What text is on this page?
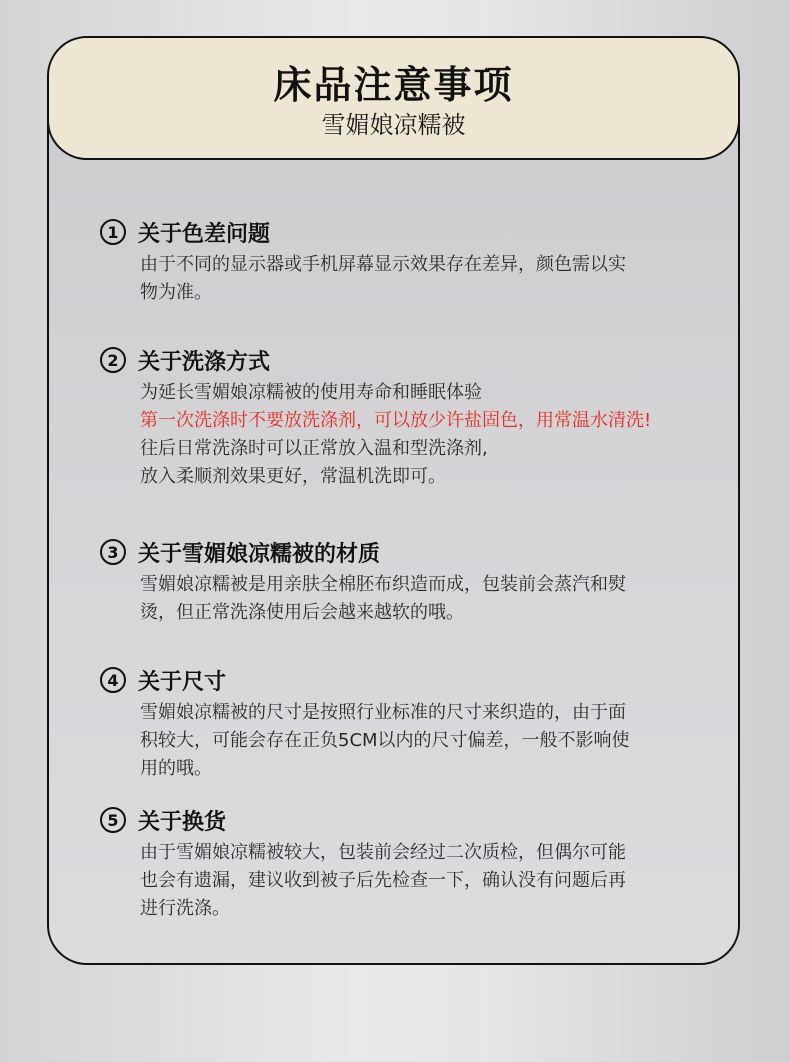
床品注意事项
雪媚娘凉糯被
1 关于色差问题
由于不同的显示器或手机屏幕显示效果存在差异，颜色需以实
物为准。
2 关于洗涤方式
为延长雪媚娘凉糯被的使用寿命和睡眠体验
第一次洗涤时不要放洗涤剂，可以放少许盐固色，用常温水清洗!
往后日常洗涤时可以正常放入温和型洗涤剂,
放入柔顺剂效果更好，常温机洗即可。
3 关于雪媚娘凉糯被的材质
雪媚娘凉糯被是用亲肤全棉胚布织造而成，包装前会蒸汽和熨
烫，但正常洗涤使用后会越来越软的哦。
4 关于尺寸
雪媚娘凉糯被的尺寸是按照行业标准的尺寸来织造的，由于面
积较大，可能会存在正负5CM以内的尺寸偏差，一般不影响使
用的哦。
5 关于换货
由于雪媚娘凉糯被较大，包装前会经过二次质检，但偶尔可能
也会有遗漏，建议收到被子后先检查一下，确认没有问题后再
进行洗涤。
